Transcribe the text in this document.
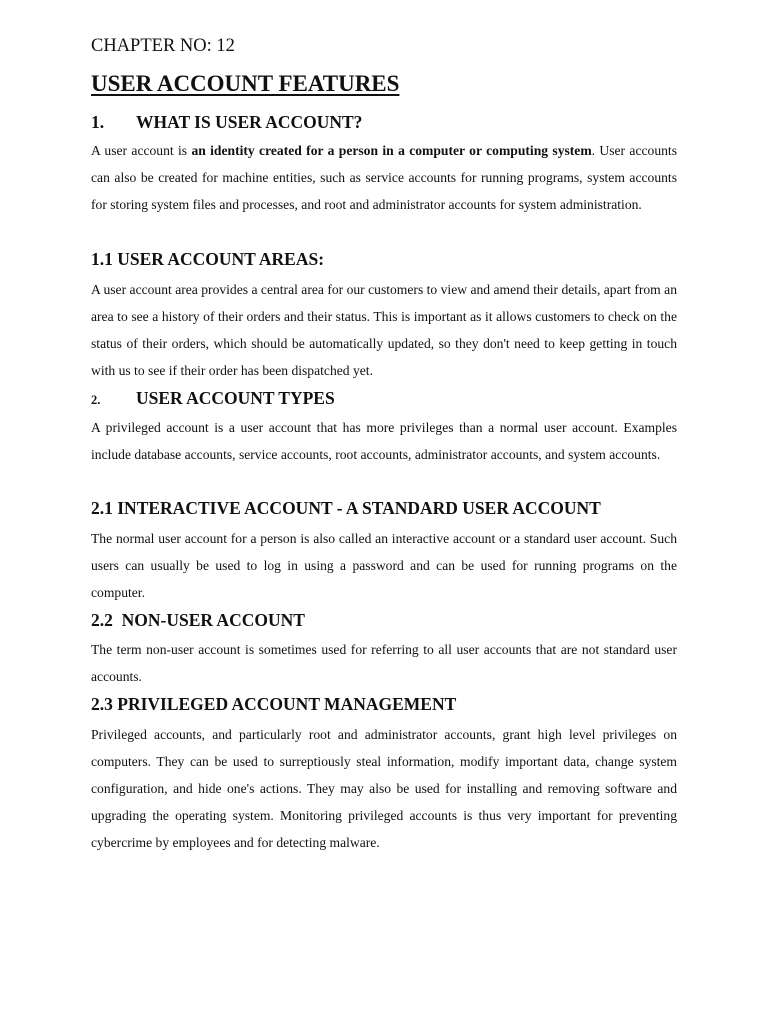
CHAPTER NO: 12
USER ACCOUNT FEATURES
1. WHAT IS USER ACCOUNT?
A user account is an identity created for a person in a computer or computing system. User accounts can also be created for machine entities, such as service accounts for running programs, system accounts for storing system files and processes, and root and administrator accounts for system administration.
1.1 USER ACCOUNT AREAS:
A user account area provides a central area for our customers to view and amend their details, apart from an area to see a history of their orders and their status. This is important as it allows customers to check on the status of their orders, which should be automatically updated, so they don't need to keep getting in touch with us to see if their order has been dispatched yet.
2. USER ACCOUNT TYPES
A privileged account is a user account that has more privileges than a normal user account. Examples include database accounts, service accounts, root accounts, administrator accounts, and system accounts.
2.1 INTERACTIVE ACCOUNT - A STANDARD USER ACCOUNT
The normal user account for a person is also called an interactive account or a standard user account. Such users can usually be used to log in using a password and can be used for running programs on the computer.
2.2  NON-USER ACCOUNT
The term non-user account is sometimes used for referring to all user accounts that are not standard user accounts.
2.3 PRIVILEGED ACCOUNT MANAGEMENT
Privileged accounts, and particularly root and administrator accounts, grant high level privileges on computers. They can be used to surreptiously steal information, modify important data, change system configuration, and hide one's actions. They may also be used for installing and removing software and upgrading the operating system. Monitoring privileged accounts is thus very important for preventing cybercrime by employees and for detecting malware.
